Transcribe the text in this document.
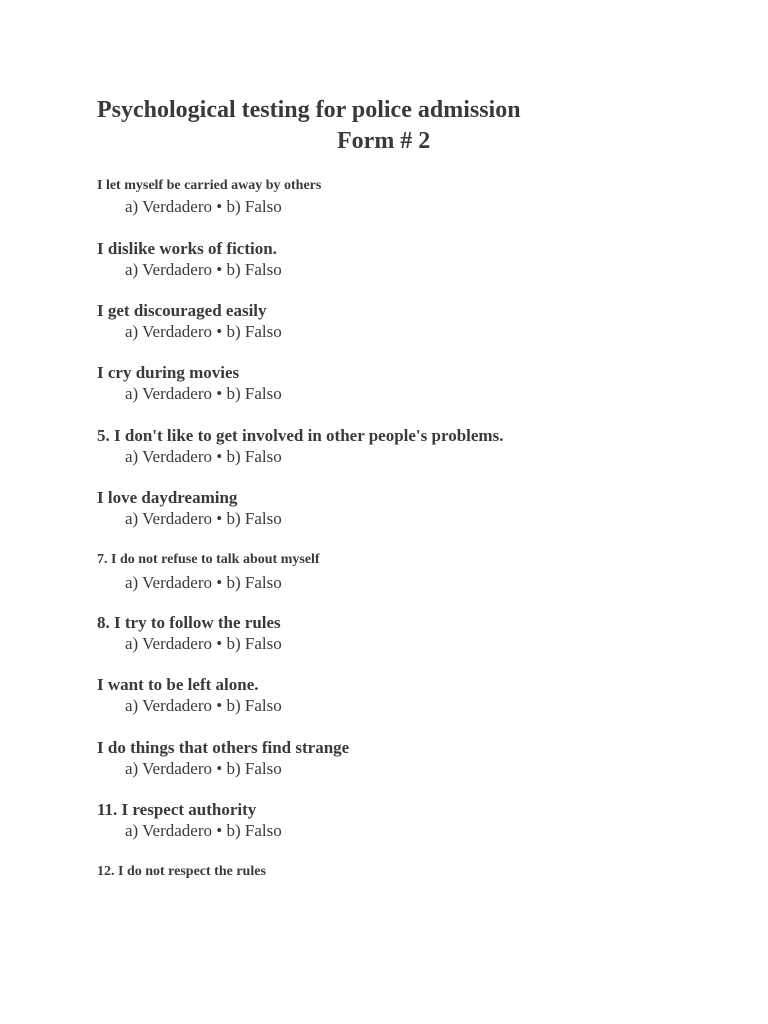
Psychological testing for police admission
Form # 2

I let myself be carried away by others

a) Verdadero • b) Falso

I dislike works of fiction.

a) Verdadero • b) Falso

I get discouraged easily

a) Verdadero • b) Falso

I cry during movies

a) Verdadero • b) Falso

5. I don't like to get involved in other people's problems.

a) Verdadero • b) Falso

I love daydreaming

a) Verdadero • b) Falso

7. I do not refuse to talk about myself

a) Verdadero • b) Falso

8. I try to follow the rules

a) Verdadero • b) Falso

I want to be left alone.

a) Verdadero • b) Falso

I do things that others find strange

a) Verdadero • b) Falso

11. I respect authority

a) Verdadero • b) Falso

12. I do not respect the rules
